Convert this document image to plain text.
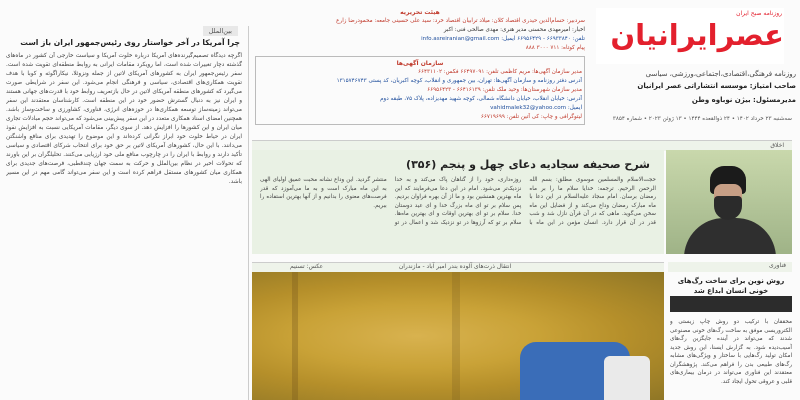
روزنامه صبح ایران
عصرایرانیان
روزنامه فرهنگی،اقتصادی،اجتماعی،ورزشی، سیاسی
صاحب امتیاز: موسسه انتشاراتی عصر ایرانیان
مدیرمسئول: بیژن نوباوه وطن
سه‌شنبه ۲۳ خرداد ۱۴۰۲ • ۲۴ ذوالقعده ۱۴۴۴ • ۱۳ ژوئن ۲۰۲۳ • شماره ۳۸۵۴
هیئت تحریریه
سردبیر: حسام‌الدین حیدری اقتصاد کلان: میلاد ترابیان اقتصاد خرد: سید علی حسینی جامعه: محمودرضا زارع
اخبار: امیرمهدی محسنی مدیر هنری: مهدی صالحی فنی: اکبر
تلفن: ۶۶۹۳۳۸۴۰ - ۶۶۹۵۶۴۲۹ ایمیل: info.asreiranian@gmail.com
پیام کوتاه: ۷۱۱ ۳۰۰۰ ۸۸۸
سازمان آگهی‌ها
مدیر سازمان آگهی‌ها: مریم کاظمی تلفن: ۶۶۴۹۷۰۹۱ فکس: ۶۶۴۳۱۱۰۲
آدرس دفتر روزنامه و سازمان آگهی‌ها: تهران، بین جمهوری و انقلاب، کوچه اکبریان، کد پستی ۱۳۱۵۷۴۶۷۴۳
مدیر سازمان شهرستان‌ها: وحید ملک تلفن: ۶۶۴۱۶۱۳۹ - ۶۶۹۵۶۴۲۳
آدرس: خیابان انقلاب، خیابان دانشگاه شمالی، کوچه شهید مهدیزاده، پلاک ۷۵، طبقه دوم
ایمیل: vahidmalek32@yahoo.com
لیتوگرافی و چاپ: کی آتین تلفن: ۶۶۷۱۹۶۹۹
بین‌الملل
چرا آمریکا در آخر خواستار روی رئیس‌جمهور ایران باز است
اگرچه دیدگاه تصمیم‌گیرنده‌های آمریکا درباره خلوت آمریکا و سیاست خارجی آن کشور در ماه‌های گذشته دچار تغییرات شده است، اما رویکرد مقامات ایرانی به روابط منطقه‌ای تقویت شده است. سفر رئیس‌جمهور ایران به کشورهای آمریکای لاتین از جمله ونزوئلا، نیکاراگوئه و کوبا با هدف تقویت همکاری‌های اقتصادی، سیاسی و فرهنگی انجام می‌شود. این سفر در شرایطی صورت می‌گیرد که کشورهای منطقه آمریکای لاتین در حال بازتعریف روابط خود با قدرت‌های جهانی هستند و ایران نیز به دنبال گسترش حضور خود در این منطقه است. کارشناسان معتقدند این سفر می‌تواند زمینه‌ساز توسعه همکاری‌ها در حوزه‌های انرژی، فناوری، کشاورزی و ساخت‌وساز باشد. همچنین امضای اسناد همکاری متعدد در این سفر پیش‌بینی می‌شود که می‌تواند حجم مبادلات تجاری میان ایران و این کشورها را افزایش دهد. از سوی دیگر، مقامات آمریکایی نسبت به افزایش نفوذ ایران در حیاط خلوت خود ابراز نگرانی کرده‌اند و این موضوع را تهدیدی برای منافع واشنگتن می‌دانند. با این حال، کشورهای آمریکای لاتین بر حق خود برای انتخاب شرکای اقتصادی و سیاسی تأکید دارند و روابط با ایران را در چارچوب منافع ملی خود ارزیابی می‌کنند. تحلیلگران بر این باورند که تحولات اخیر در نظام بین‌الملل و حرکت به سمت جهان چندقطبی، فرصت‌های جدیدی برای همکاری میان کشورهای مستقل فراهم کرده است و این سفر می‌تواند گامی مهم در این مسیر باشد.
اخلاق
شرح صحیفه سجادیه دعای چهل و پنجم (۳۵۶)
حجت‌الاسلام والمسلمین موسوی مطلق: بسم الله الرحمن الرحیم. ترجمه: خدایا سلام ما را بر ماه رمضان برسان. امام سجاد علیه‌السلام در این دعا با ماه مبارک رمضان وداع می‌کند و از فضایل این ماه سخن می‌گوید. ماهی که در آن قرآن نازل شد و شب قدر در آن قرار دارد. انسان مؤمن در این ماه با روزه‌داری، خود را از گناهان پاک می‌کند و به خدا نزدیک‌تر می‌شود. امام در این دعا می‌فرمایند که این ماه بهترین همنشین بود و ما از آن بهره فراوان بردیم. پس سلام بر تو ای ماه بزرگ خدا و ای عید دوستان خدا. سلام بر تو ای بهترین اوقات و ای بهترین ماه‌ها. سلام بر تو که آرزوها در تو نزدیک شد و اعمال در تو منتشر گردید. این وداع نشانه محبت عمیق اولیای الهی به این ماه مبارک است و به ما می‌آموزد که قدر فرصت‌های معنوی را بدانیم و از آنها بهترین استفاده را ببریم.
انتقال ذرت‌های آلوده بندر امیر آباد - مازندران
عکس: تسنیم	فناوری
روش نوین برای ساخت رگ‌های خونی انسان ابداع شد
محققان با ترکیب دو روش چاپ زیستی و الکتروریسی موفق به ساخت رگ‌های خونی مصنوعی شدند که می‌تواند در آینده جایگزین رگ‌های آسیب‌دیده شود. به گزارش ایسنا، این روش جدید امکان تولید رگ‌هایی با ساختار و ویژگی‌های مشابه رگ‌های طبیعی بدن را فراهم می‌کند. پژوهشگران معتقدند این فناوری می‌تواند در درمان بیماری‌های قلبی و عروقی تحول ایجاد کند.
